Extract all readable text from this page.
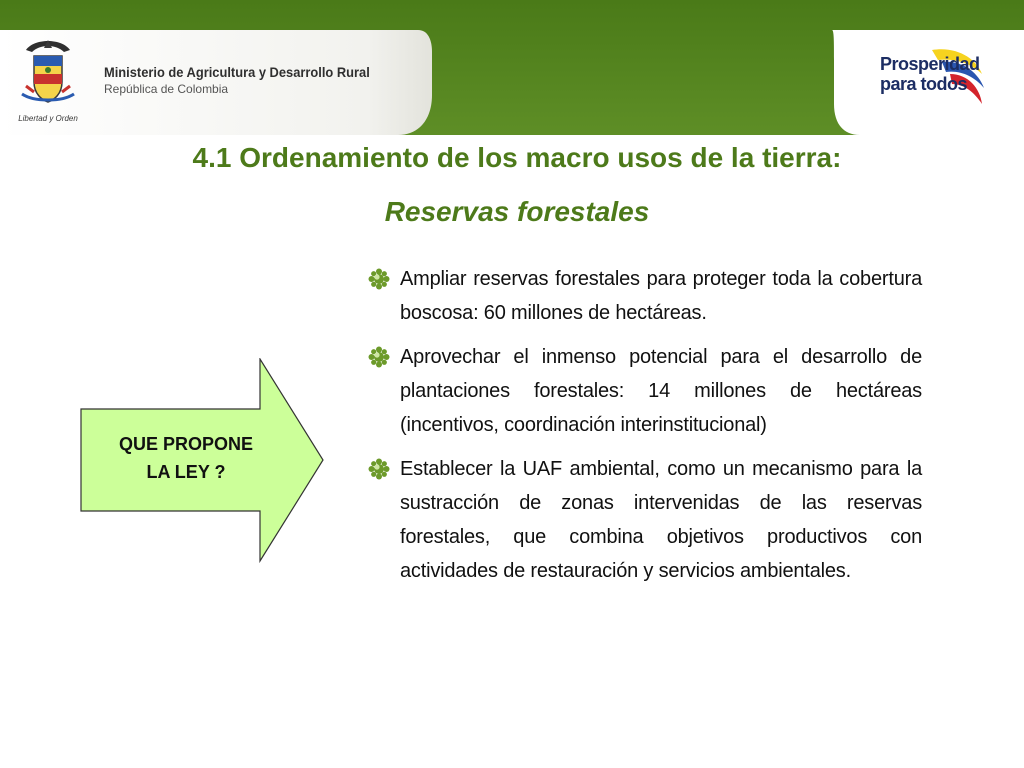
Libertad y Orden
Ministerio de Agricultura y Desarrollo Rural
República de Colombia
Prosperidad
para todos
4.1 Ordenamiento de los macro usos de la tierra:
Reservas forestales
QUE PROPONE
LA LEY ?
Ampliar reservas forestales para proteger toda la cobertura boscosa: 60 millones de hectáreas.
Aprovechar el inmenso potencial para el desarrollo de plantaciones forestales: 14 millones de hectáreas (incentivos, coordinación interinstitucional)
Establecer la UAF ambiental, como un mecanismo para la sustracción de zonas intervenidas de las reservas forestales, que combina objetivos productivos con actividades de restauración y servicios ambientales.
